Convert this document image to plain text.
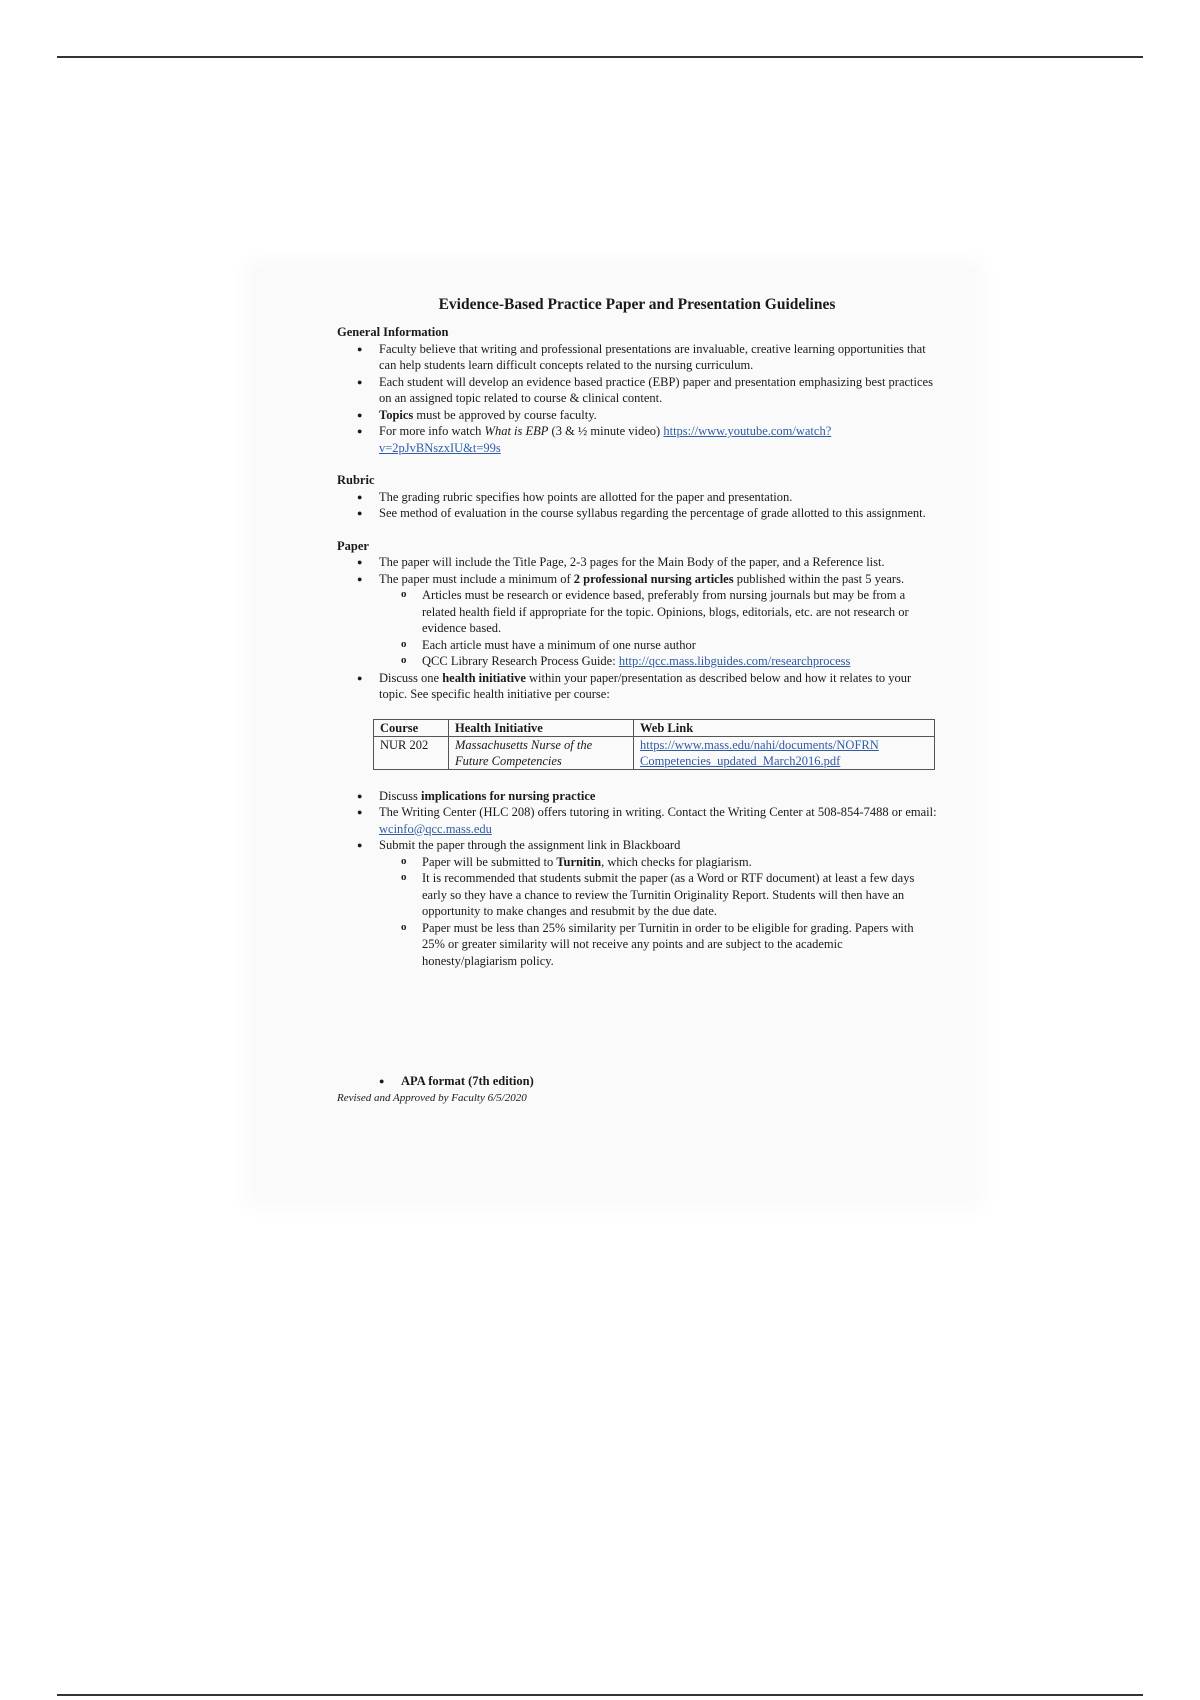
Evidence-Based Practice Paper and Presentation Guidelines
General Information
● Faculty believe that writing and professional presentations are invaluable, creative learning opportunities that can help students learn difficult concepts related to the nursing curriculum.
● Each student will develop an evidence based practice (EBP) paper and presentation emphasizing best practices on an assigned topic related to course & clinical content.
● Topics must be approved by course faculty.
● For more info watch What is EBP (3 & ½ minute video) https://www.youtube.com/watch?v=2pJvBNszxIU&t=99s
Rubric
● The grading rubric specifies how points are allotted for the paper and presentation.
● See method of evaluation in the course syllabus regarding the percentage of grade allotted to this assignment.
Paper
● The paper will include the Title Page, 2-3 pages for the Main Body of the paper, and a Reference list.
● The paper must include a minimum of 2 professional nursing articles published within the past 5 years.
o Articles must be research or evidence based, preferably from nursing journals but may be from a related health field if appropriate for the topic. Opinions, blogs, editorials, etc. are not research or evidence based.
o Each article must have a minimum of one nurse author
o QCC Library Research Process Guide: http://qcc.mass.libguides.com/researchprocess
● Discuss one health initiative within your paper/presentation as described below and how it relates to your topic. See specific health initiative per course:
Course	Health Initiative	Web Link
NUR 202	Massachusetts Nurse of the Future Competencies	https://www.mass.edu/nahi/documents/NOFRN Competencies_updated_March2016.pdf
● Discuss implications for nursing practice
● The Writing Center (HLC 208) offers tutoring in writing. Contact the Writing Center at 508-854-7488 or email: wcinfo@qcc.mass.edu
● Submit the paper through the assignment link in Blackboard
o Paper will be submitted to Turnitin, which checks for plagiarism.
o It is recommended that students submit the paper (as a Word or RTF document) at least a few days early so they have a chance to review the Turnitin Originality Report. Students will then have an opportunity to make changes and resubmit by the due date.
o Paper must be less than 25% similarity per Turnitin in order to be eligible for grading. Papers with 25% or greater similarity will not receive any points and are subject to the academic honesty/plagiarism policy.
● APA format (7th edition)
Revised and Approved by Faculty 6/5/2020
